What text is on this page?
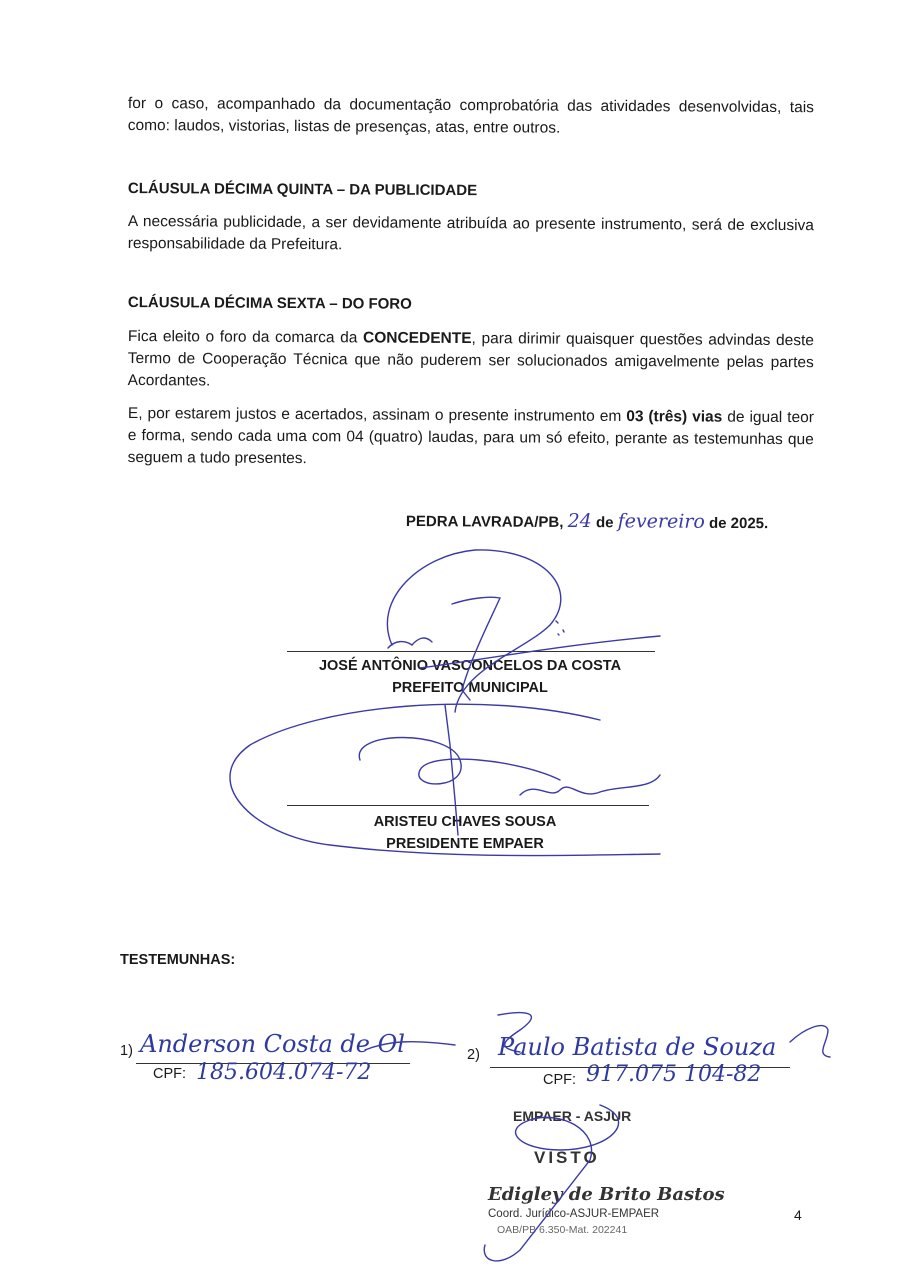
for o caso, acompanhado da documentação comprobatória das atividades desenvolvidas, tais como: laudos, vistorias, listas de presenças, atas, entre outros.

CLÁUSULA DÉCIMA QUINTA – DA PUBLICIDADE

A necessária publicidade, a ser devidamente atribuída ao presente instrumento, será de exclusiva responsabilidade da Prefeitura.

CLÁUSULA DÉCIMA SEXTA – DO FORO

Fica eleito o foro da comarca da CONCEDENTE, para dirimir quaisquer questões advindas deste Termo de Cooperação Técnica que não puderem ser solucionados amigavelmente pelas partes Acordantes.

E, por estarem justos e acertados, assinam o presente instrumento em 03 (três) vias de igual teor e forma, sendo cada uma com 04 (quatro) laudas, para um só efeito, perante as testemunhas que seguem a tudo presentes.

PEDRA LAVRADA/PB, 24 de fevereiro de 2025.
JOSÉ ANTÔNIO VASCONCELOS DA COSTA
PREFEITO MUNICIPAL
ARISTEU CHAVES SOUSA
PRESIDENTE EMPAER
TESTEMUNHAS:
1) Anderson Costa de Ol
CPF: 185.604.074-72
2) Paulo Batista de Souza
CPF: 917.075 104-82
EMPAER - ASJUR
VISTO
Edigley de Brito Bastos
Coord. Jurídico-ASJUR-EMPAER
OAB/PB 6.350-Mat. 202241
4
